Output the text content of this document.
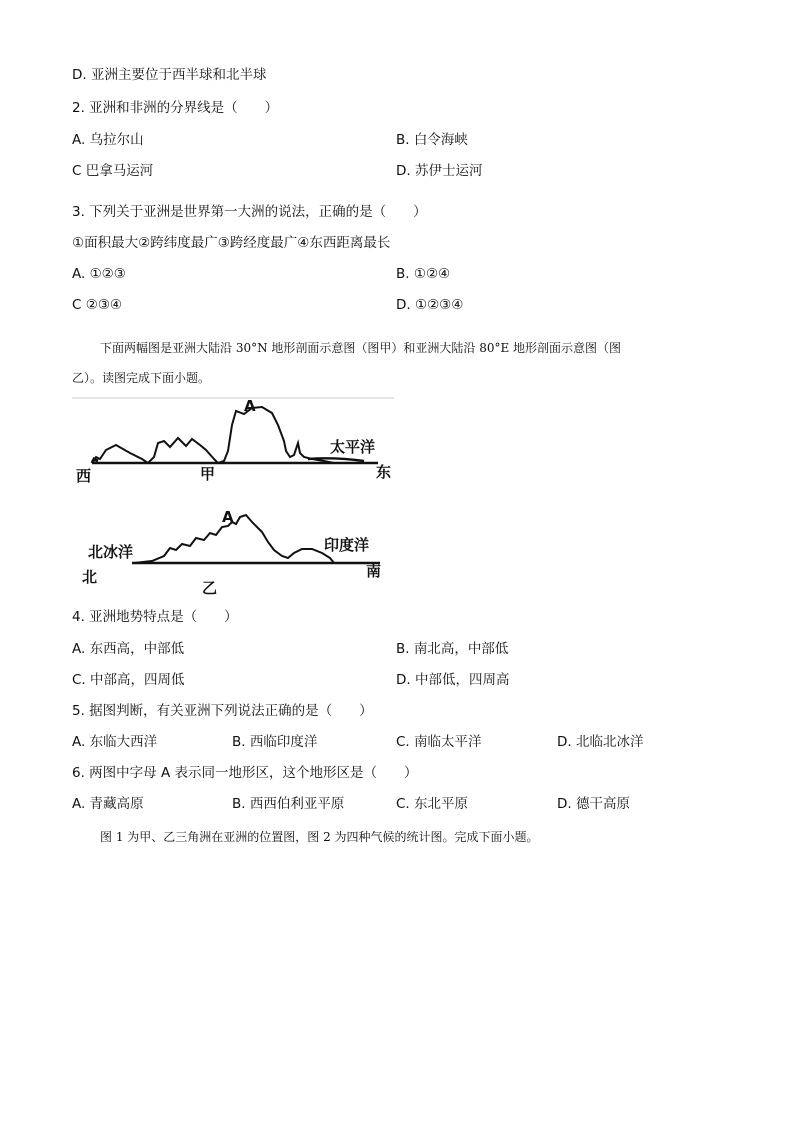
D. 亚洲主要位于西半球和北半球
2. 亚洲和非洲的分界线是（　　）
A. 乌拉尔山	B. 白令海峡
C 巴拿马运河	D. 苏伊士运河
3. 下列关于亚洲是世界第一大洲的说法，正确的是（　　）
①面积最大②跨纬度最广③跨经度最广④东西距离最长
A. ①②③	B. ①②④
C ②③④	D. ①②③④
下面两幅图是亚洲大陆沿 30°N 地形剖面示意图（图甲）和亚洲大陆沿 80°E 地形剖面示意图（图
乙）。读图完成下面小题。
A
太平洋
西	甲	东
A
北冰洋	印度洋
北	南
乙
4. 亚洲地势特点是（　　）
A. 东西高，中部低	B. 南北高，中部低
C. 中部高，四周低	D. 中部低，四周高
5. 据图判断，有关亚洲下列说法正确的是（　　）
A. 东临大西洋	B. 西临印度洋	C. 南临太平洋	D. 北临北冰洋
6. 两图中字母 A 表示同一地形区，这个地形区是（　　）
A. 青藏高原	B. 西西伯利亚平原	C. 东北平原	D. 德干高原
图 1 为甲、乙三角洲在亚洲的位置图，图 2 为四种气候的统计图。完成下面小题。
